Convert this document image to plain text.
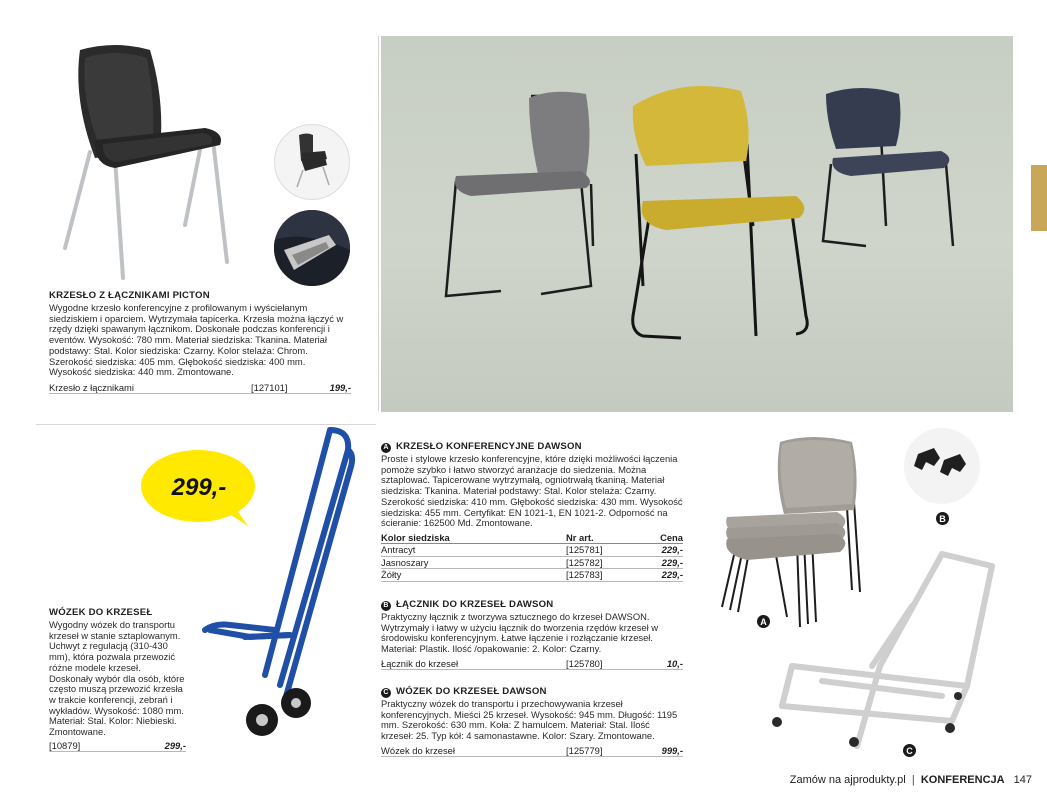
KRZESŁO Z ŁĄCZNIKAMI PICTON
Wygodne krzesło konferencyjne z profilowanym i wyściełanym siedziskiem i oparciem. Wytrzymała tapicerka. Krzesła można łączyć w rzędy dzięki spawanym łącznikom. Doskonałe podczas konferencji i eventów. Wysokość: 780 mm. Materiał siedziska: Tkanina. Materiał podstawy: Stal. Kolor siedziska: Czarny. Kolor stelaża: Chrom. Szerokość siedziska: 405 mm. Głębokość siedziska: 400 mm. Wysokość siedziska: 440 mm. Zmontowane.
Krzesło z łącznikami	[127101]	199,-
299,-
WÓZEK DO KRZESEŁ
Wygodny wózek do transportu krzeseł w stanie sztaplowanym. Uchwyt z regulacją (310-430 mm), która pozwala przewozić różne modele krzeseł. Doskonały wybór dla osób, które często muszą przewozić krzesła w trakcie konferencji, zebrań i wykładów. Wysokość: 1080 mm. Materiał: Stal. Kolor: Niebieski. Zmontowane.
[10879]	299,-
A KRZESŁO KONFERENCYJNE DAWSON
Proste i stylowe krzesło konferencyjne, które dzięki możliwości łączenia pomoże szybko i łatwo stworzyć aranżacje do siedzenia. Można sztaplować. Tapicerowane wytrzymałą, ogniotrwałą tkaniną. Materiał siedziska: Tkanina. Materiał podstawy: Stal. Kolor stelaża: Czarny. Szerokość siedziska: 410 mm. Głębokość siedziska: 430 mm. Wysokość siedziska: 455 mm. Certyfikat: EN 1021-1, EN 1021-2. Odporność na ścieranie: 162500 Md. Zmontowane.
Kolor siedziska	Nr art.	Cena
Antracyt	[125781]	229,-
Jasnoszary	[125782]	229,-
Żółty	[125783]	229,-
B ŁĄCZNIK DO KRZESEŁ DAWSON
Praktyczny łącznik z tworzywa sztucznego do krzeseł DAWSON. Wytrzymały i łatwy w użyciu łącznik do tworzenia rzędów krzeseł w środowisku konferencyjnym. Łatwe łączenie i rozłączanie krzeseł. Materiał: Plastik. Ilość /opakowanie: 2. Kolor: Czarny.
Łącznik do krzeseł	[125780]	10,-
C WÓZEK DO KRZESEŁ DAWSON
Praktyczny wózek do transportu i przechowywania krzeseł konferencyjnych. Mieści 25 krzeseł. Wysokość: 945 mm. Długość: 1195 mm. Szerokość: 630 mm. Koła: Z hamulcem. Materiał: Stal. Ilość krzeseł: 25. Typ kół: 4 samonastawne. Kolor: Szary. Zmontowane.
Wózek do krzeseł	[125779]	999,-
B
A
C
Zamów na ajprodukty.pl  |  KONFERENCJA 147
